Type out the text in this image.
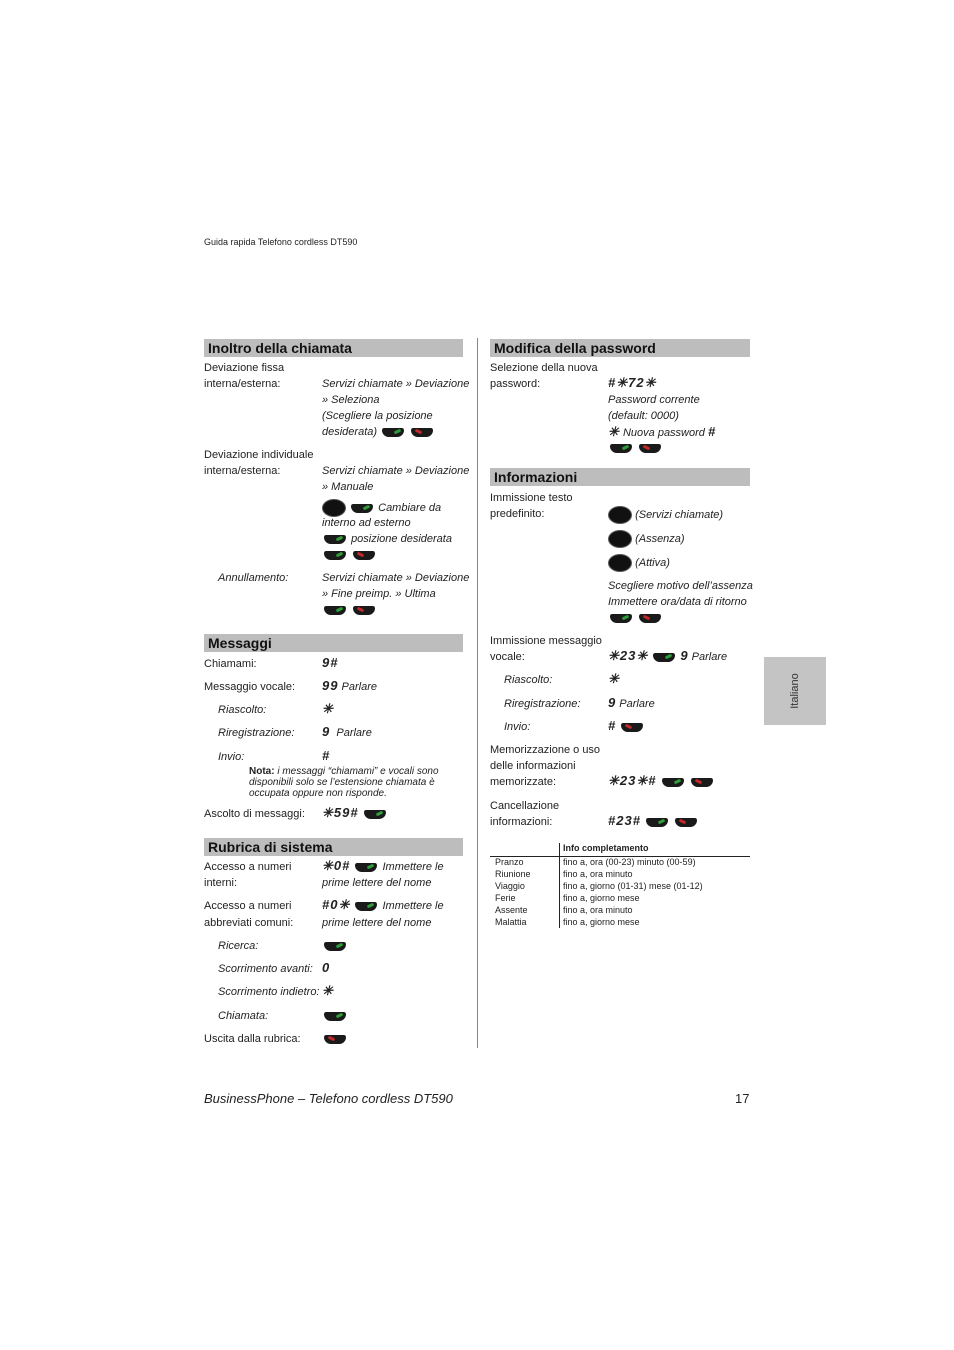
Guida rapida Telefono cordless DT590
Inoltro della chiamata
Deviazione fissa
interna/esterna:	Servizi chiamate » Deviazione
» Seleziona
(Scegliere la posizione
desiderata)
Deviazione individuale
interna/esterna:	Servizi chiamate » Deviazione
» Manuale
Cambiare da
interno ad esterno
posizione desiderata

Annullamento:	Servizi chiamate » Deviazione
» Fine preimp. » Ultima

Messaggi
Chiamami:	9#
Messaggio vocale: 99 Parlare
Riascolto:	✳
Riregistrazione: 9 Parlare
Invio:	#
Nota: i messaggi “chiamami” e vocali sono
disponibili solo se l’estensione chiamata è
occupata oppure non risponde.
Ascolto di messaggi: ✳59#
Rubrica di sistema
Accesso a numeri
interni:
✳0#	Immettere le
prime lettere del nome
Accesso a numeri
abbreviati comuni:
#0✳	Immettere le
prime lettere del nome
Ricerca:
Scorrimento avanti: 0
Scorrimento indietro: ✳
Chiamata:
Uscita dalla rubrica:
Modifica della password
Selezione della nuova
password:	#✳72✳
Password corrente
(default: 0000)
✳ Nuova password #

Informazioni
Immissione testo
predefinito:	(Servizi chiamate)
(Assenza)
(Attiva)
Scegliere motivo dell’assenza
Immettere ora/data di ritorno

Immissione messaggio
vocale:	✳23✳ 9 Parlare
Riascolto:	✳
Riregistrazione: 9 Parlare
Invio:	#
Memorizzazione o uso
delle informazioni
memorizzate:	✳23✳#
Cancellazione
informazioni:	#23#
Info completamento
Pranzo	fino a, ora (00-23) minuto (00-59)
Riunione	fino a, ora minuto
Viaggio	fino a, giorno (01-31) mese (01-12)
Ferie	fino a, giorno mese
Assente	fino a, ora minuto
Malattia	fino a, giorno mese
Italiano
BusinessPhone – Telefono cordless DT590	17
